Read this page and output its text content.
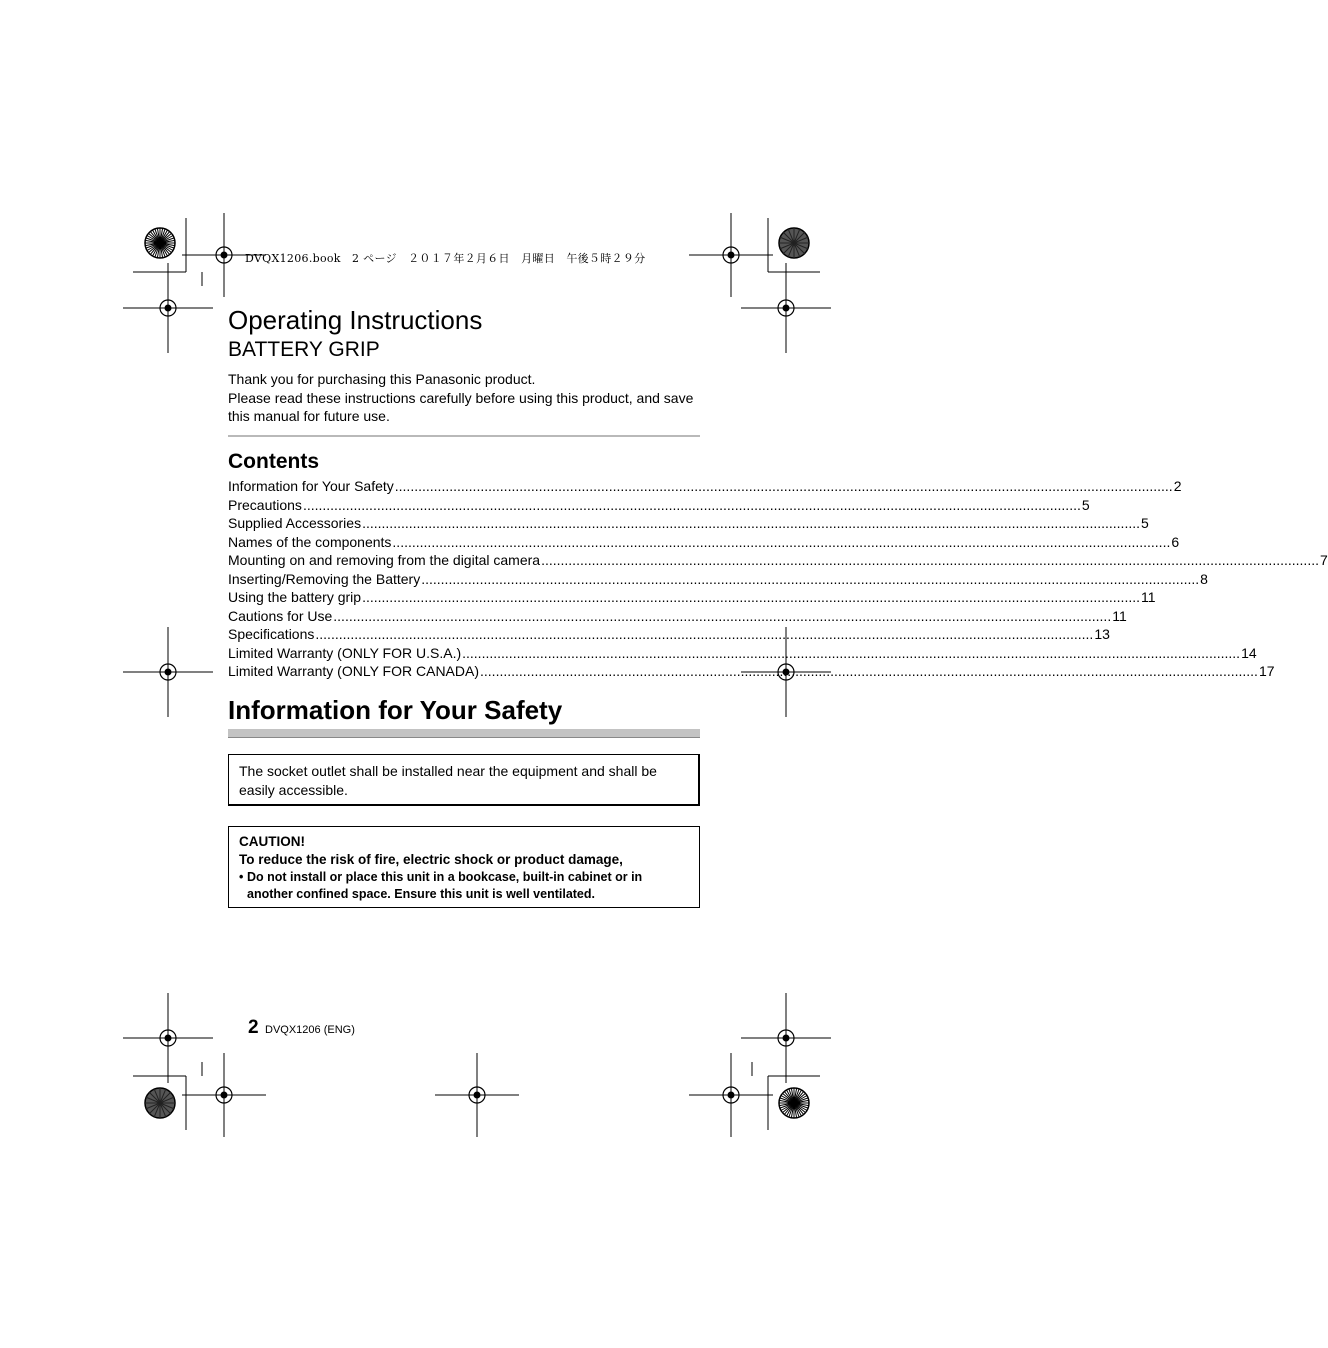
DVQX1206.book　2 ページ　２０１７年２月６日　月曜日　午後５時２９分
Operating Instructions
BATTERY GRIP

Thank you for purchasing this Panasonic product.

Please read these instructions carefully before using this product, and save this manual for future use.

Contents
Information for Your Safety ........................................................................................................................................................................................................ 2
Precautions ........................................................................................................................................................................................................ 5
Supplied Accessories ........................................................................................................................................................................................................ 5
Names of the components ........................................................................................................................................................................................................ 6
Mounting on and removing from the digital camera ........................................................................................................................................................................................................ 7
Inserting/Removing the Battery ........................................................................................................................................................................................................ 8
Using the battery grip ........................................................................................................................................................................................................ 11
Cautions for Use ........................................................................................................................................................................................................ 11
Specifications ........................................................................................................................................................................................................ 13
Limited Warranty (ONLY FOR U.S.A.) ........................................................................................................................................................................................................ 14
Limited Warranty (ONLY FOR CANADA) ........................................................................................................................................................................................................ 17
Information for Your Safety
The socket outlet shall be installed near the equipment and shall be easily accessible.
CAUTION!
To reduce the risk of fire, electric shock or product damage,
• Do not install or place this unit in a bookcase, built-in cabinet or in another confined space. Ensure this unit is well ventilated.
2 DVQX1206 (ENG)
